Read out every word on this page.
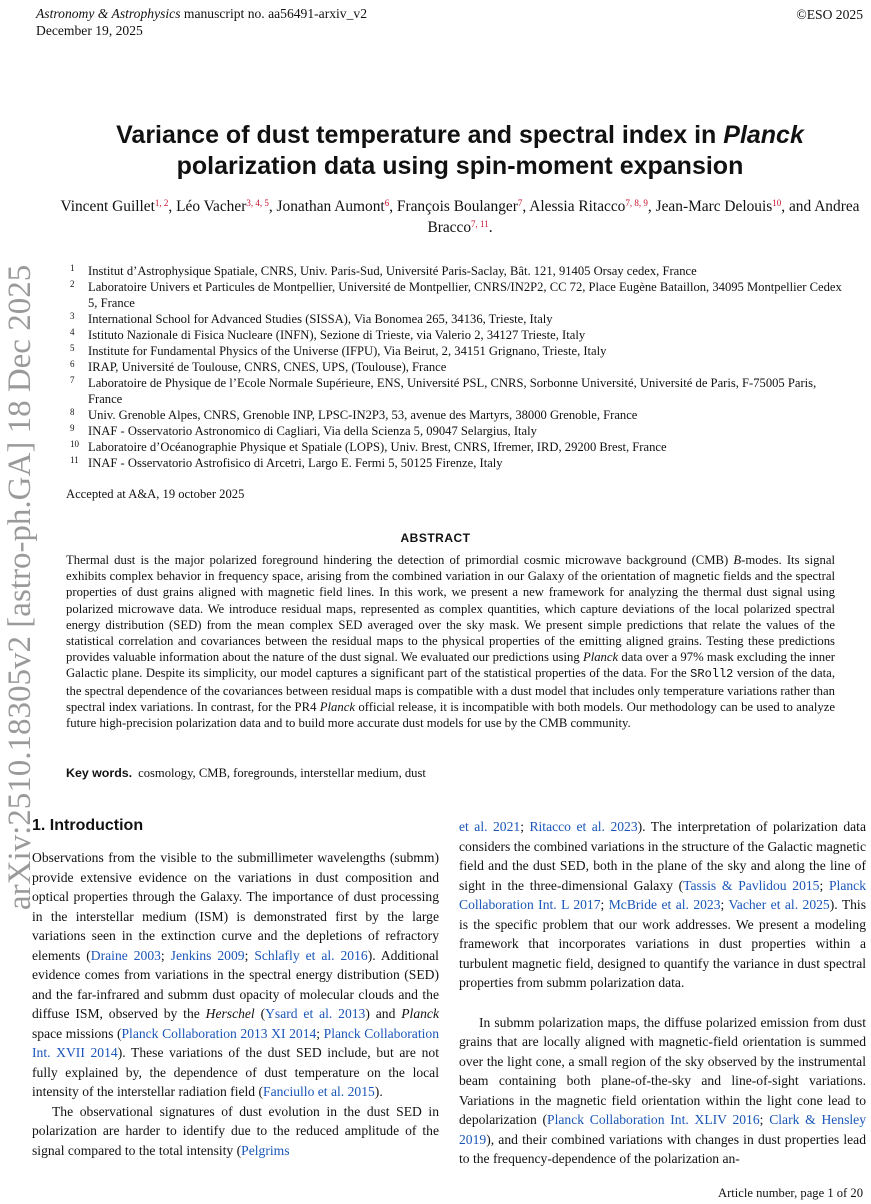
Astronomy & Astrophysics manuscript no. aa56491-arxiv_v2
December 19, 2025
©ESO 2025
arXiv:2510.18305v2 [astro-ph.GA] 18 Dec 2025
Variance of dust temperature and spectral index in Planck
polarization data using spin-moment expansion
Vincent Guillet$^{1, 2}$, Léo Vacher$^{3, 4, 5}$, Jonathan Aumont$^6$, François Boulanger$^7$, Alessia Ritacco$^{7, 8, 9}$, Jean-Marc Delouis$^{10}$, and Andrea Bracco$^{7, 11}$.
1 Institut d’Astrophysique Spatiale, CNRS, Univ. Paris-Sud, Université Paris-Saclay, Bât. 121, 91405 Orsay cedex, France
2 Laboratoire Univers et Particules de Montpellier, Université de Montpellier, CNRS/IN2P2, CC 72, Place Eugène Bataillon, 34095 Montpellier Cedex 5, France
3 International School for Advanced Studies (SISSA), Via Bonomea 265, 34136, Trieste, Italy
4 Istituto Nazionale di Fisica Nucleare (INFN), Sezione di Trieste, via Valerio 2, 34127 Trieste, Italy
5 Institute for Fundamental Physics of the Universe (IFPU), Via Beirut, 2, 34151 Grignano, Trieste, Italy
6 IRAP, Université de Toulouse, CNRS, CNES, UPS, (Toulouse), France
7 Laboratoire de Physique de l’Ecole Normale Supérieure, ENS, Université PSL, CNRS, Sorbonne Université, Université de Paris, F-75005 Paris, France
8 Univ. Grenoble Alpes, CNRS, Grenoble INP, LPSC-IN2P3, 53, avenue des Martyrs, 38000 Grenoble, France
9 INAF - Osservatorio Astronomico di Cagliari, Via della Scienza 5, 09047 Selargius, Italy
10 Laboratoire d’Océanographie Physique et Spatiale (LOPS), Univ. Brest, CNRS, Ifremer, IRD, 29200 Brest, France
11 INAF - Osservatorio Astrofisico di Arcetri, Largo E. Fermi 5, 50125 Firenze, Italy
Accepted at A&A, 19 october 2025
ABSTRACT
Thermal dust is the major polarized foreground hindering the detection of primordial cosmic microwave background (CMB) B-modes. Its signal exhibits complex behavior in frequency space, arising from the combined variation in our Galaxy of the orientation of magnetic fields and the spectral properties of dust grains aligned with magnetic field lines. In this work, we present a new framework for analyzing the thermal dust signal using polarized microwave data. We introduce residual maps, represented as complex quantities, which capture deviations of the local polarized spectral energy distribution (SED) from the mean complex SED averaged over the sky mask. We present simple predictions that relate the values of the statistical correlation and covariances between the residual maps to the physical properties of the emitting aligned grains. Testing these predictions provides valuable information about the nature of the dust signal. We evaluated our predictions using Planck data over a 97% mask excluding the inner Galactic plane. Despite its simplicity, our model captures a significant part of the statistical properties of the data. For the SRoll2 version of the data, the spectral dependence of the covariances between residual maps is compatible with a dust model that includes only temperature variations rather than spectral index variations. In contrast, for the PR4 Planck official release, it is incompatible with both models. Our methodology can be used to analyze future high-precision polarization data and to build more accurate dust models for use by the CMB community.
Key words. cosmology, CMB, foregrounds, interstellar medium, dust
1. Introduction

Observations from the visible to the submillimeter wavelengths (submm) provide extensive evidence on the variations in dust composition and optical properties through the Galaxy. The importance of dust processing in the interstellar medium (ISM) is demonstrated first by the large variations seen in the extinction curve and the depletions of refractory elements (Draine 2003; Jenkins 2009; Schlafly et al. 2016). Additional evidence comes from variations in the spectral energy distribution (SED) and the far-infrared and submm dust opacity of molecular clouds and the diffuse ISM, observed by the Herschel (Ysard et al. 2013) and Planck space missions (Planck Collaboration 2013 XI 2014; Planck Collaboration Int. XVII 2014). These variations of the dust SED include, but are not fully explained by, the dependence of dust temperature on the local intensity of the interstellar radiation field (Fanciullo et al. 2015).

The observational signatures of dust evolution in the dust SED in polarization are harder to identify due to the reduced amplitude of the signal compared to the total intensity (Pelgrims

et al. 2021; Ritacco et al. 2023). The interpretation of polarization data considers the combined variations in the structure of the Galactic magnetic field and the dust SED, both in the plane of the sky and along the line of sight in the three-dimensional Galaxy (Tassis & Pavlidou 2015; Planck Collaboration Int. L 2017; McBride et al. 2023; Vacher et al. 2025). This is the specific problem that our work addresses. We present a modeling framework that incorporates variations in dust properties within a turbulent magnetic field, designed to quantify the variance in dust spectral properties from submm polarization data.

In submm polarization maps, the diffuse polarized emission from dust grains that are locally aligned with magnetic-field orientation is summed over the light cone, a small region of the sky observed by the instrumental beam containing both plane-of-the-sky and line-of-sight variations. Variations in the magnetic field orientation within the light cone lead to depolarization (Planck Collaboration Int. XLIV 2016; Clark & Hensley 2019), and their combined variations with changes in dust properties lead to the frequency-dependence of the polarization an-

Article number, page 1 of 20
